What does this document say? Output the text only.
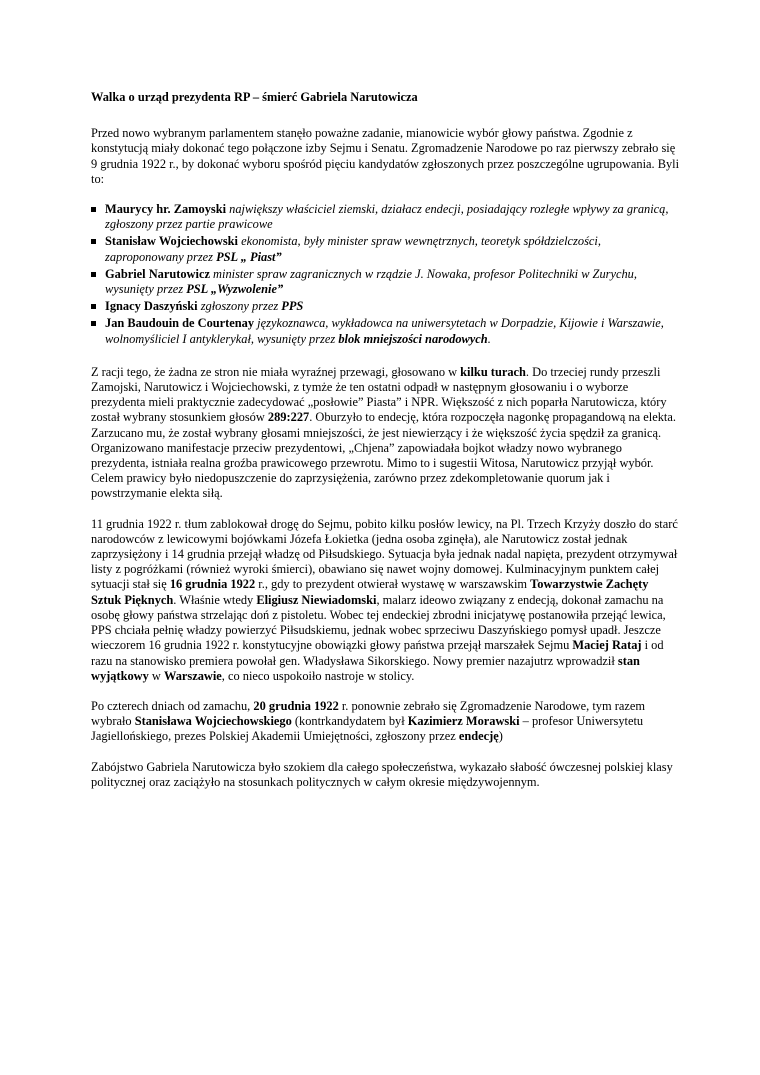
Walka o urząd prezydenta RP – śmierć Gabriela Narutowicza

Przed nowo wybranym parlamentem stanęło poważne zadanie, mianowicie wybór głowy państwa. Zgodnie z konstytucją miały dokonać tego połączone izby Sejmu i Senatu. Zgromadzenie Narodowe po raz pierwszy zebrało się 9 grudnia 1922 r., by dokonać wyboru spośród pięciu kandydatów zgłoszonych przez poszczególne ugrupowania. Byli to:

Maurycy hr. Zamoyski największy właściciel ziemski, działacz endecji, posiadający rozległe wpływy za granicą, zgłoszony przez partie prawicowe
Stanisław Wojciechowski ekonomista, były minister spraw wewnętrznych, teoretyk spółdzielczości, zaproponowany przez PSL „ Piast”
Gabriel Narutowicz minister spraw zagranicznych w rządzie J. Nowaka, profesor Politechniki w Zurychu, wysunięty przez PSL „Wyzwolenie”
Ignacy Daszyński zgłoszony przez PPS
Jan Baudouin de Courtenay językoznawca, wykładowca na uniwersytetach w Dorpadzie, Kijowie i Warszawie, wolnomyśliciel I antyklerykał, wysunięty przez blok mniejszości narodowych.

Z racji tego, że żadna ze stron nie miała wyraźnej przewagi, głosowano w kilku turach. Do trzeciej rundy przeszli Zamojski, Narutowicz i Wojciechowski, z tymże że ten ostatni odpadł w następnym głosowaniu i o wyborze prezydenta mieli praktycznie zadecydować „posłowie” Piasta” i NPR. Większość z nich poparła Narutowicza, który został wybrany stosunkiem głosów 289:227. Oburzyło to endecję, która rozpoczęła nagonkę propagandową na elekta. Zarzucano mu, że został wybrany głosami mniejszości, że jest niewierzący i że większość życia spędził za granicą. Organizowano manifestacje przeciw prezydentowi, „Chjena” zapowiadała bojkot władzy nowo wybranego prezydenta, istniała realna groźba prawicowego przewrotu. Mimo to i sugestii Witosa, Narutowicz przyjął wybór. Celem prawicy było niedopuszczenie do zaprzysiężenia, zarówno przez zdekompletowanie quorum jak i powstrzymanie elekta siłą.

11 grudnia 1922 r. tłum zablokował drogę do Sejmu, pobito kilku posłów lewicy, na Pl. Trzech Krzyży doszło do starć narodowców z lewicowymi bojówkami Józefa Łokietka (jedna osoba zginęła), ale Narutowicz został jednak zaprzysiężony i 14 grudnia przejął władzę od Piłsudskiego. Sytuacja była jednak nadal napięta, prezydent otrzymywał listy z pogróżkami (również wyroki śmierci), obawiano się nawet wojny domowej. Kulminacyjnym punktem całej sytuacji stał się 16 grudnia 1922 r., gdy to prezydent otwierał wystawę w warszawskim Towarzystwie Zachęty Sztuk Pięknych. Właśnie wtedy Eligiusz Niewiadomski, malarz ideowo związany z endecją, dokonał zamachu na osobę głowy państwa strzelając doń z pistoletu. Wobec tej endeckiej zbrodni inicjatywę postanowiła przejąć lewica, PPS chciała pełnię władzy powierzyć Piłsudskiemu, jednak wobec sprzeciwu Daszyńskiego pomysł upadł. Jeszcze wieczorem 16 grudnia 1922 r. konstytucyjne obowiązki głowy państwa przejął marszałek Sejmu Maciej Rataj i od razu na stanowisko premiera powołał gen. Władysława Sikorskiego. Nowy premier nazajutrz wprowadził stan wyjątkowy w Warszawie, co nieco uspokoiło nastroje w stolicy.

Po czterech dniach od zamachu, 20 grudnia 1922 r. ponownie zebrało się Zgromadzenie Narodowe, tym razem wybrało Stanisława Wojciechowskiego (kontrkandydatem był Kazimierz Morawski – profesor Uniwersytetu Jagiellońskiego, prezes Polskiej Akademii Umiejętności, zgłoszony przez endecję)

Zabójstwo Gabriela Narutowicza było szokiem dla całego społeczeństwa, wykazało słabość ówczesnej polskiej klasy politycznej oraz zaciążyło na stosunkach politycznych w całym okresie międzywojennym.
